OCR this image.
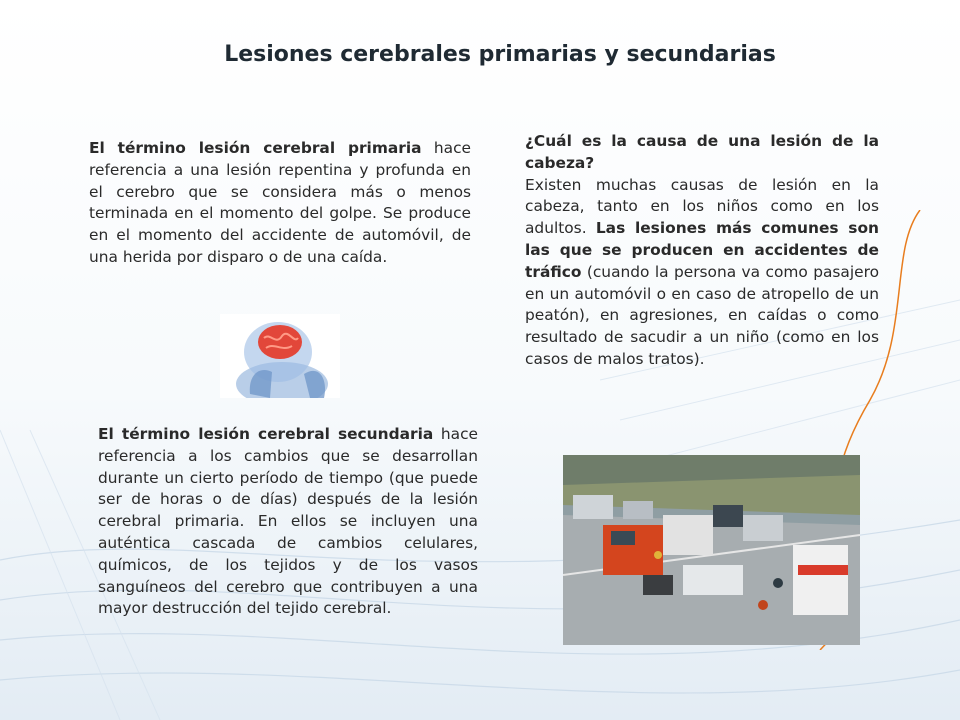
Lesiones cerebrales primarias y secundarias
El término lesión cerebral primaria hace referencia a una lesión repentina y profunda en el cerebro que se considera más o menos terminada en el momento del golpe. Se produce en el momento del accidente de automóvil, de una herida por disparo o de una caída.
El término lesión cerebral secundaria hace referencia a los cambios que se desarrollan durante un cierto período de tiempo (que puede ser de horas o de días) después de la lesión cerebral primaria. En ellos se incluyen una auténtica cascada de cambios celulares, químicos, de los tejidos y de los vasos sanguíneos del cerebro que contribuyen a una mayor destrucción del tejido cerebral.
¿Cuál es la causa de una lesión de la cabeza?
Existen muchas causas de lesión en la cabeza, tanto en los niños como en los adultos. Las lesiones más comunes son las que se producen en accidentes de tráfico (cuando la persona va como pasajero en un automóvil o en caso de atropello de un peatón), en agresiones, en caídas o como resultado de sacudir a un niño (como en los casos de malos tratos).
